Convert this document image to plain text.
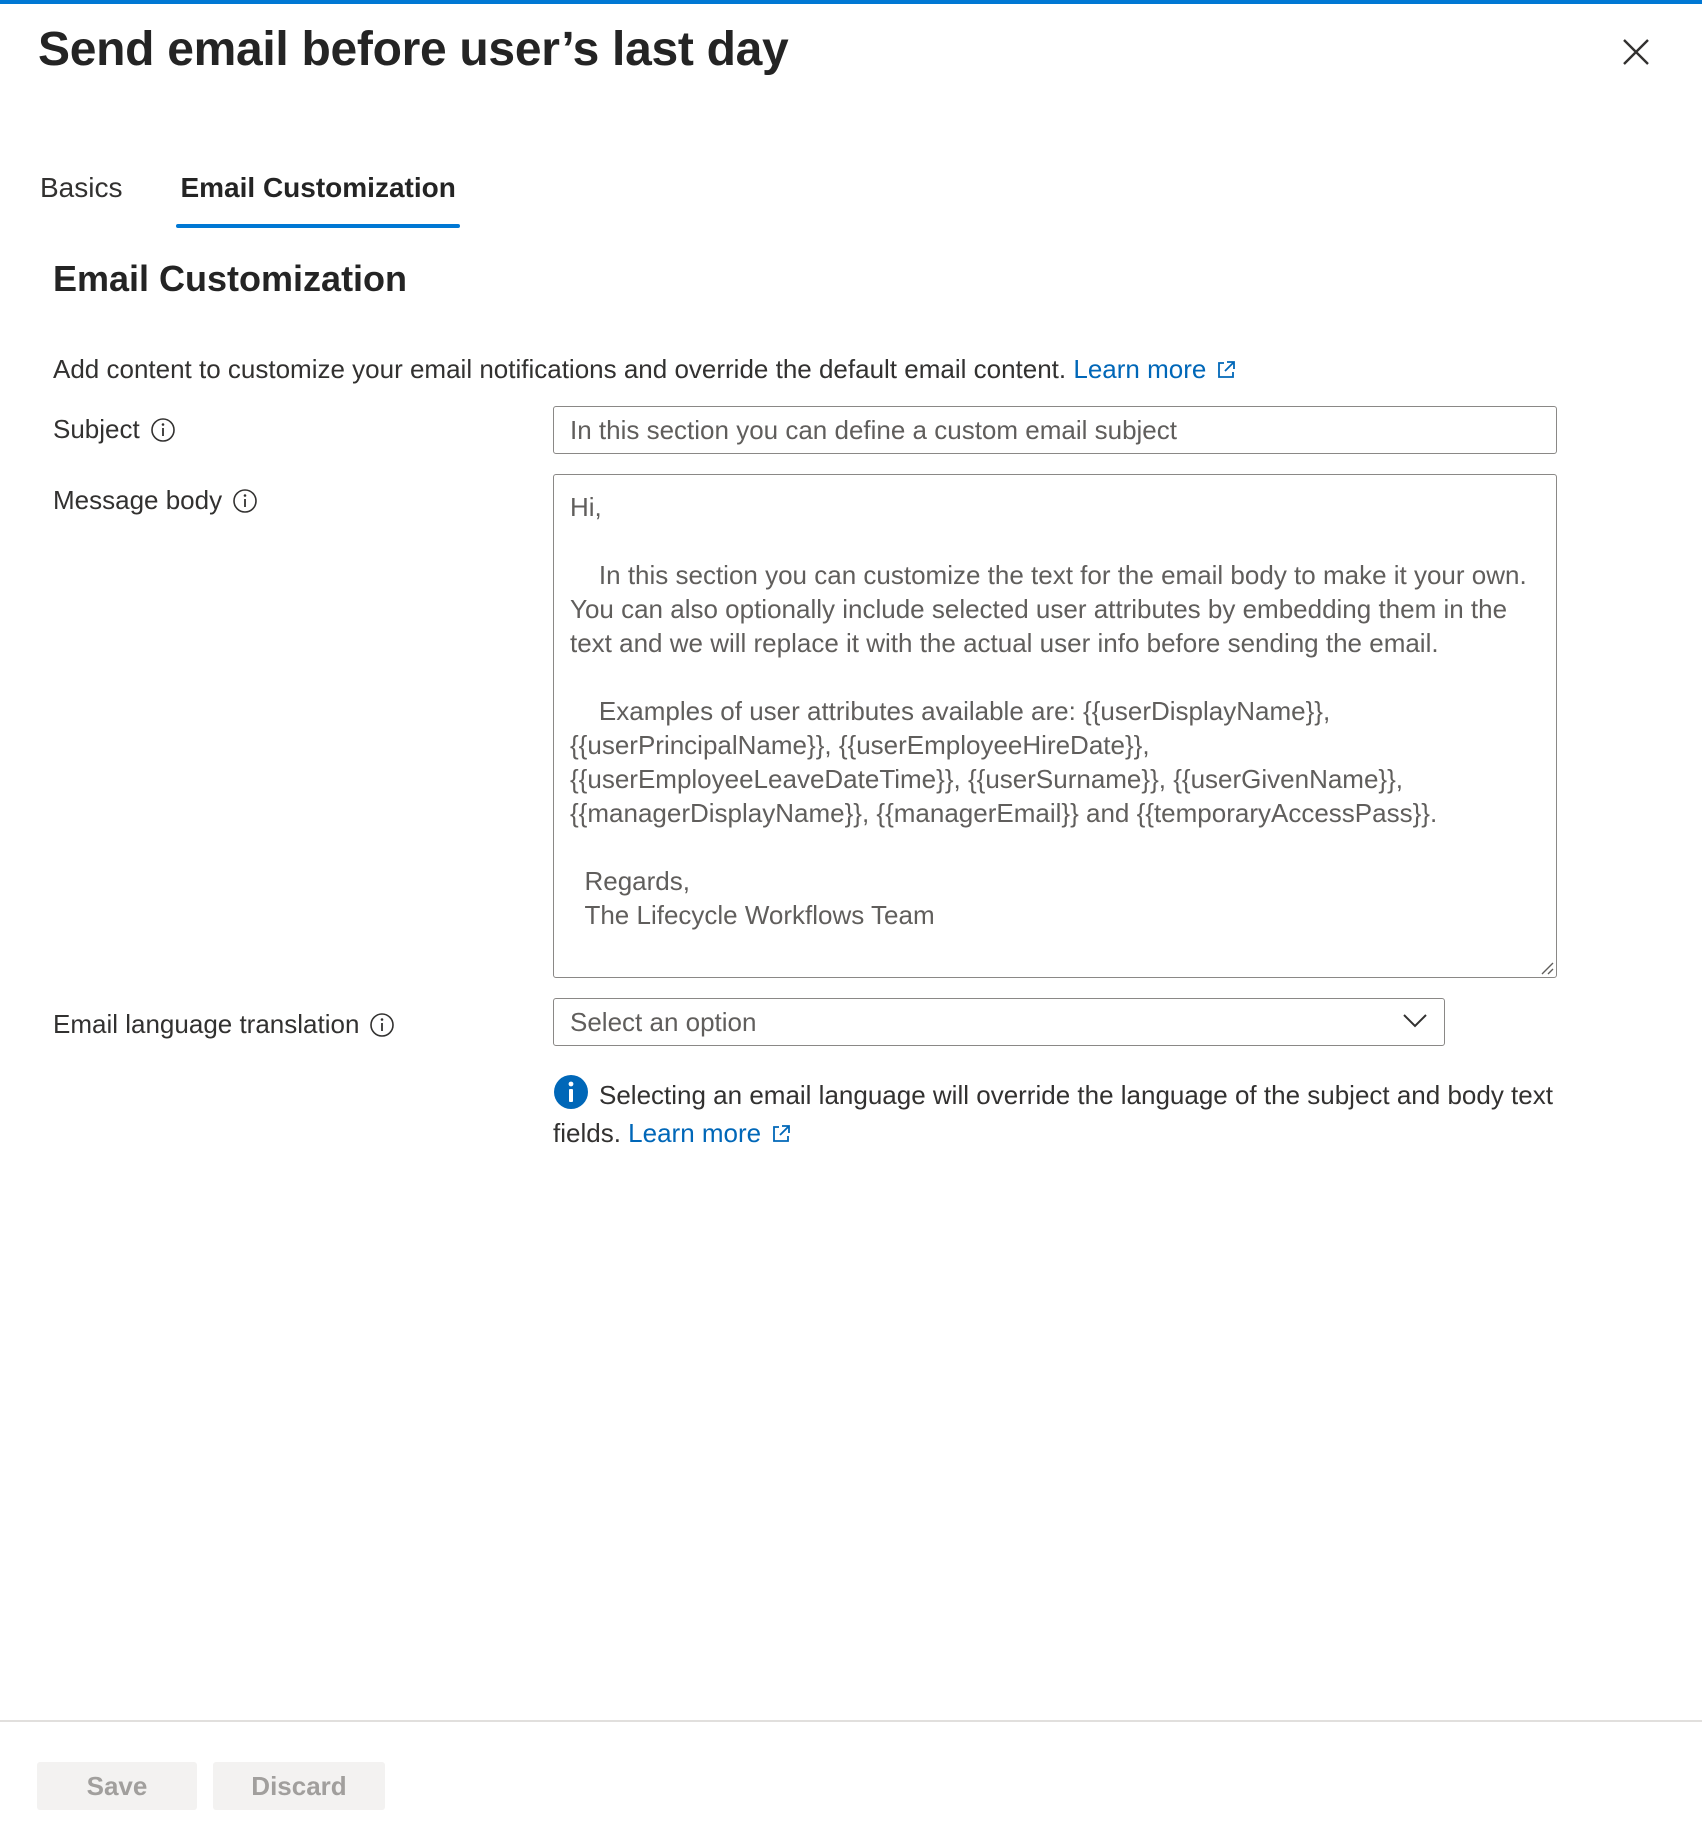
Send email before user’s last day
Basics Email Customization
Email Customization
Add content to customize your email notifications and override the default email content. Learn more
Subject	In this section you can define a custom email subject
Message body	Hi,

In this section you can customize the text for the email body to make it your own. You can also optionally include selected user attributes by embedding them in the text and we will replace it with the actual user info before sending the email.

Examples of user attributes available are: {{userDisplayName}}, {{userPrincipalName}}, {{userEmployeeHireDate}}, {{userEmployeeLeaveDateTime}}, {{userSurname}}, {{userGivenName}}, {{managerDisplayName}}, {{managerEmail}} and {{temporaryAccessPass}}.

Regards,
The Lifecycle Workflows Team

Email language translation	Select an option
Selecting an email language will override the language of the subject and body text fields. Learn more
Save	Discard
